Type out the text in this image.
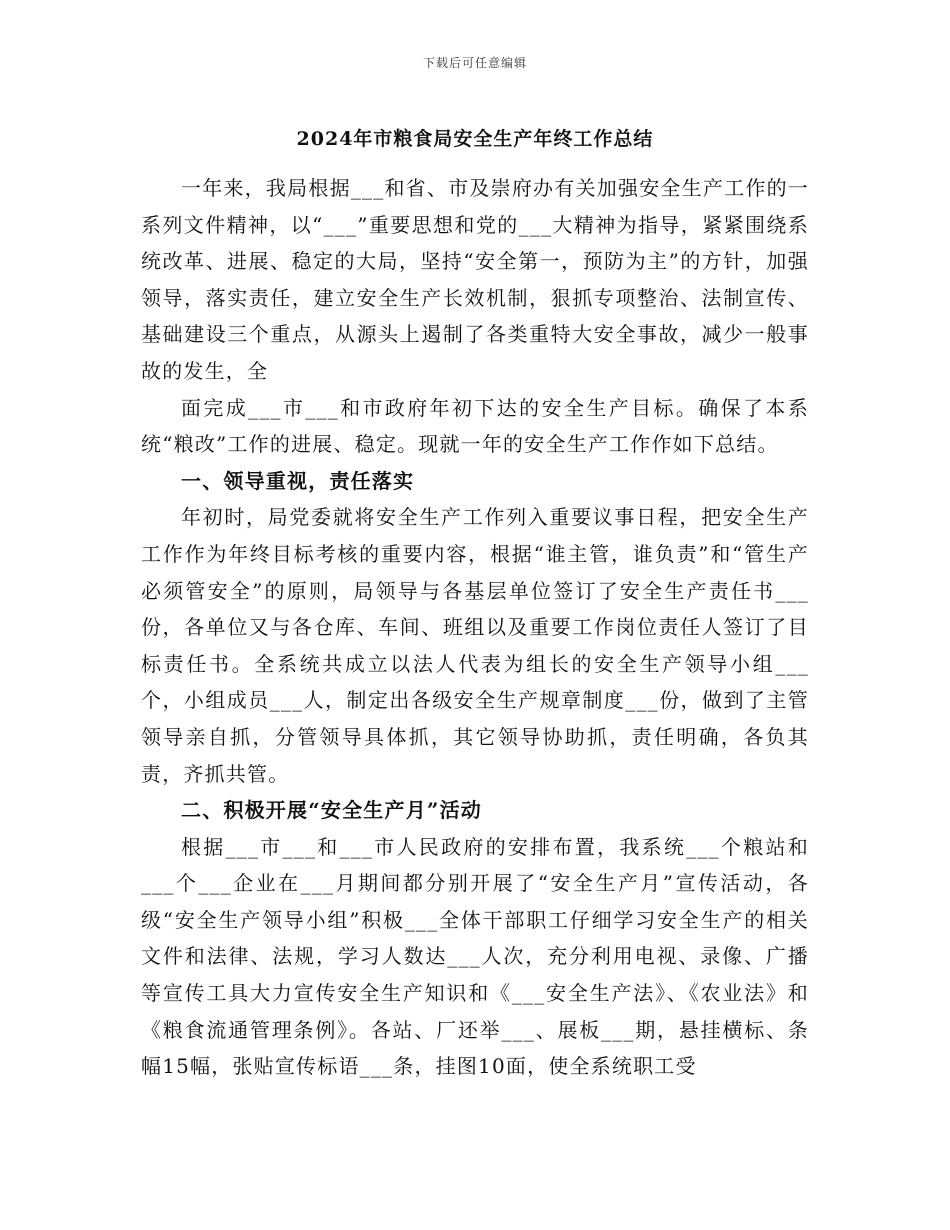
下载后可任意编辑
2024年市粮食局安全生产年终工作总结

一年来，我局根据___和省、市及崇府办有关加强安全生产工作的一系列文件精神，以“___”重要思想和党的___大精神为指导，紧紧围绕系统改革、进展、稳定的大局，坚持“安全第一，预防为主”的方针，加强领导，落实责任，建立安全生产长效机制，狠抓专项整治、法制宣传、基础建设三个重点，从源头上遏制了各类重特大安全事故，减少一般事故的发生，全

面完成___市___和市政府年初下达的安全生产目标。确保了本系统“粮改”工作的进展、稳定。现就一年的安全生产工作作如下总结。

一、领导重视，责任落实

年初时，局党委就将安全生产工作列入重要议事日程，把安全生产工作作为年终目标考核的重要内容，根据“谁主管，谁负责”和“管生产必须管安全”的原则，局领导与各基层单位签订了安全生产责任书___份，各单位又与各仓库、车间、班组以及重要工作岗位责任人签订了目标责任书。全系统共成立以法人代表为组长的安全生产领导小组___个，小组成员___人，制定出各级安全生产规章制度___份，做到了主管领导亲自抓，分管领导具体抓，其它领导协助抓，责任明确，各负其责，齐抓共管。

二、积极开展“安全生产月”活动

根据___市___和___市人民政府的安排布置，我系统___个粮站和___个___企业在___月期间都分别开展了“安全生产月”宣传活动，各级“安全生产领导小组”积极___全体干部职工仔细学习安全生产的相关文件和法律、法规，学习人数达___人次，充分利用电视、录像、广播等宣传工具大力宣传安全生产知识和《___安全生产法》、《农业法》和《粮食流通管理条例》。各站、厂还举___、展板___期，悬挂横标、条幅15幅，张贴宣传标语___条，挂图10面，使全系统职工受
